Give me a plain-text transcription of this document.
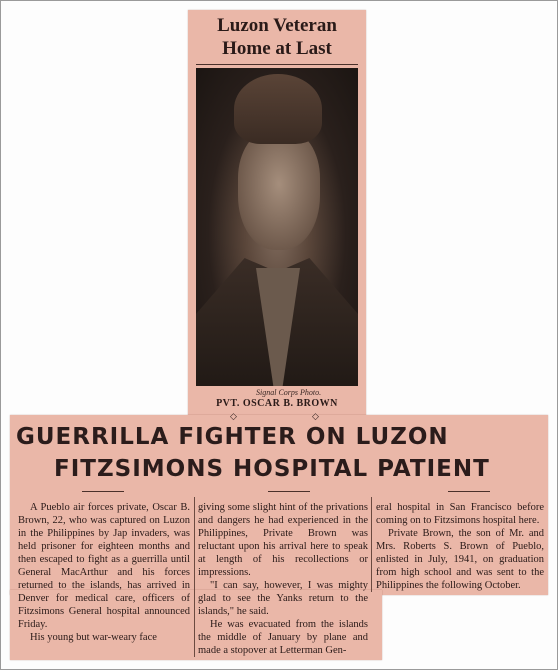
Luzon Veteran Home at Last
Signal Corps Photo.
PVT. OSCAR B. BROWN
◇	◇
GUERRILLA FIGHTER ON LUZON
FITZSIMONS HOSPITAL PATIENT

A Pueblo air forces private, Oscar B. Brown, 22, who was captured on Luzon in the Philippines by Jap invaders, was held prisoner for eighteen months and then escaped to fight as a guerrilla until General MacArthur and his forces returned to the islands, has arrived in Denver for medical care, officers of Fitzsimons General hospital announced Friday.

His young but war-weary face

giving some slight hint of the privations and dangers he had experienced in the Philippines, Private Brown was reluctant upon his arrival here to speak at length of his recollections or impressions.

"I can say, however, I was mighty glad to see the Yanks return to the islands," he said.

He was evacuated from the islands the middle of January by plane and made a stopover at Letterman Gen-

eral hospital in San Francisco before coming on to Fitzsimons hospital here.

Private Brown, the son of Mr. and Mrs. Roberts S. Brown of Pueblo, enlisted in July, 1941, on graduation from high school and was sent to the Philippines the following October.
